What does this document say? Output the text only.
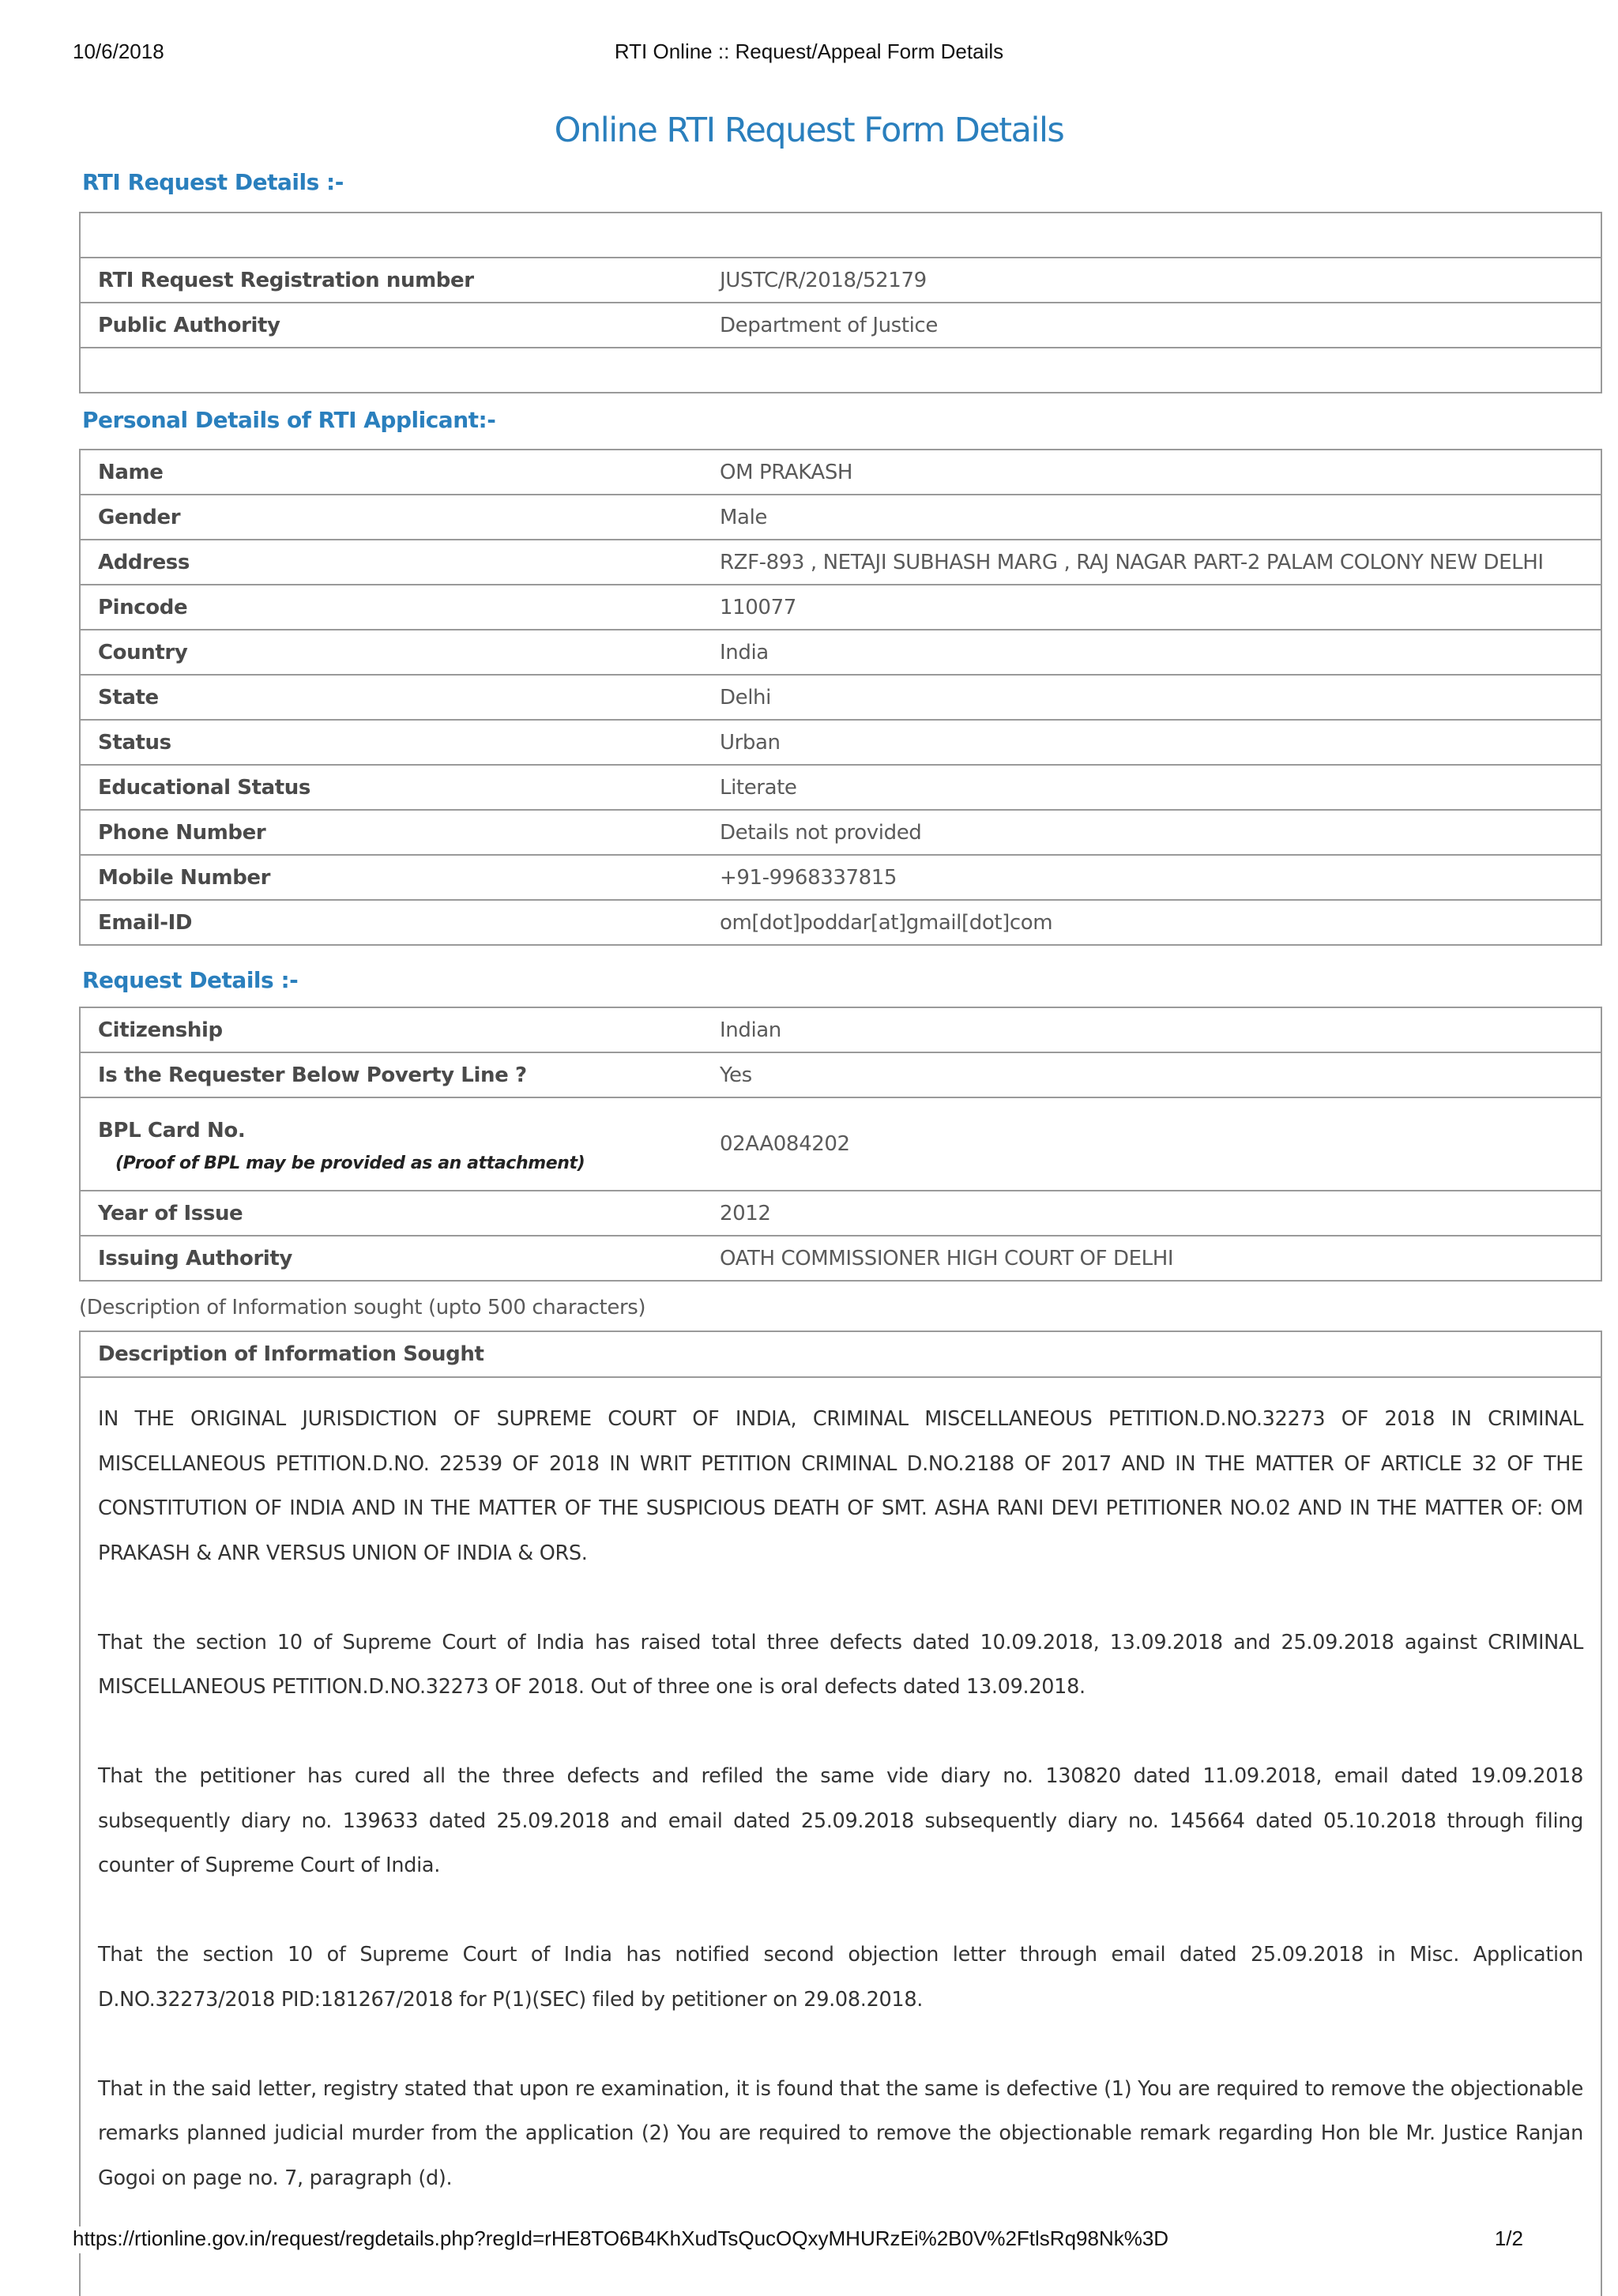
10/6/2018	RTI Online :: Request/Appeal Form Details
Online RTI Request Form Details
RTI Request Details :-

RTI Request Registration number	JUSTC/R/2018/52179
Public Authority	Department of Justice

Personal Details of RTI Applicant:-
Name	OM PRAKASH
Gender	Male
Address	RZF-893 , NETAJI SUBHASH MARG , RAJ NAGAR PART-2 PALAM COLONY NEW DELHI
Pincode	110077
Country	India
State	Delhi
Status	Urban
Educational Status	Literate
Phone Number	Details not provided
Mobile Number	+91-9968337815
Email-ID	om[dot]poddar[at]gmail[dot]com
Request Details :-
Citizenship	Indian
Is the Requester Below Poverty Line ?	Yes
BPL Card No.
(Proof of BPL may be provided as an attachment)	02AA084202
Year of Issue	2012
Issuing Authority	OATH COMMISSIONER HIGH COURT OF DELHI
(Description of Information sought (upto 500 characters)
Description of Information Sought

IN THE ORIGINAL JURISDICTION OF SUPREME COURT OF INDIA, CRIMINAL MISCELLANEOUS PETITION.D.NO.32273 OF 2018 IN CRIMINAL MISCELLANEOUS PETITION.D.NO. 22539 OF 2018 IN WRIT PETITION CRIMINAL D.NO.2188 OF 2017 AND IN THE MATTER OF ARTICLE 32 OF THE CONSTITUTION OF INDIA AND IN THE MATTER OF THE SUSPICIOUS DEATH OF SMT. ASHA RANI DEVI PETITIONER NO.02 AND IN THE MATTER OF: OM PRAKASH & ANR VERSUS UNION OF INDIA & ORS.

That the section 10 of Supreme Court of India has raised total three defects dated 10.09.2018, 13.09.2018 and 25.09.2018 against CRIMINAL MISCELLANEOUS PETITION.D.NO.32273 OF 2018. Out of three one is oral defects dated 13.09.2018.

That the petitioner has cured all the three defects and refiled the same vide diary no. 130820 dated 11.09.2018, email dated 19.09.2018 subsequently diary no. 139633 dated 25.09.2018 and email dated 25.09.2018 subsequently diary no. 145664 dated 05.10.2018 through filing counter of Supreme Court of India.

That the section 10 of Supreme Court of India has notified second objection letter through email dated 25.09.2018 in Misc. Application D.NO.32273/2018 PID:181267/2018 for P(1)(SEC) filed by petitioner on 29.08.2018.

That in the said letter, registry stated that upon re examination, it is found that the same is defective (1) You are required to remove the objectionable remarks planned judicial murder from the application (2) You are required to remove the objectionable remark regarding Hon ble Mr. Justice Ranjan Gogoi on page no. 7, paragraph (d).

https://rtionline.gov.in/request/regdetails.php?regId=rHE8TO6B4KhXudTsQucOQxyMHURzEi%2B0V%2FtlsRq98Nk%3D	1/2
